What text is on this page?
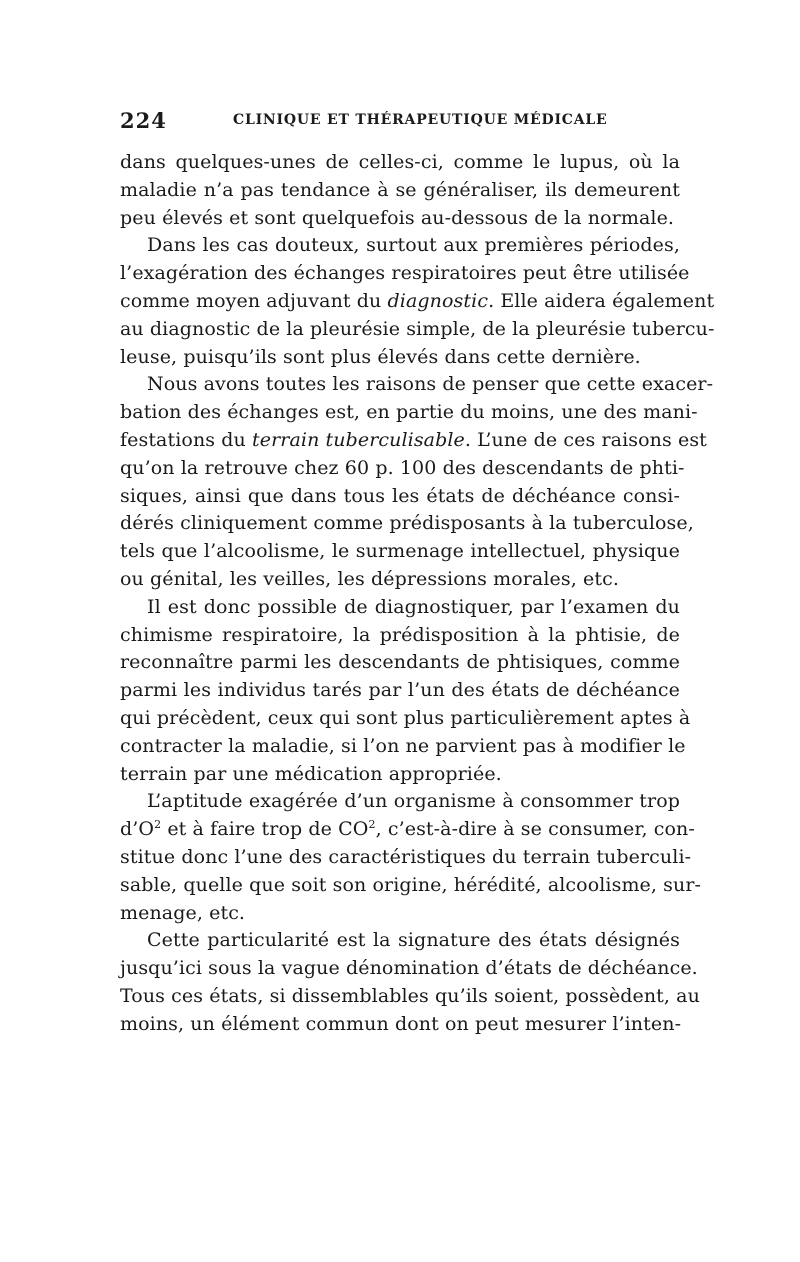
224	CLINIQUE ET THÉRAPEUTIQUE MÉDICALE
dans quelques-unes de celles-ci, comme le lupus, où la
maladie n’a pas tendance à se généraliser, ils demeurent
peu élevés et sont quelquefois au-dessous de la normale.
Dans les cas douteux, surtout aux premières périodes,
l’exagération des échanges respiratoires peut être utilisée
comme moyen adjuvant du diagnostic. Elle aidera également
au diagnostic de la pleurésie simple, de la pleurésie tubercu-
leuse, puisqu’ils sont plus élevés dans cette dernière.
Nous avons toutes les raisons de penser que cette exacer-
bation des échanges est, en partie du moins, une des mani-
festations du terrain tuberculisable. L’une de ces raisons est
qu’on la retrouve chez 60 p. 100 des descendants de phti-
siques, ainsi que dans tous les états de déchéance consi-
dérés cliniquement comme prédisposants à la tuberculose,
tels que l’alcoolisme, le surmenage intellectuel, physique
ou génital, les veilles, les dépressions morales, etc.
Il est donc possible de diagnostiquer, par l’examen du
chimisme respiratoire, la prédisposition à la phtisie, de
reconnaître parmi les descendants de phtisiques, comme
parmi les individus tarés par l’un des états de déchéance
qui précèdent, ceux qui sont plus particulièrement aptes à
contracter la maladie, si l’on ne parvient pas à modifier le
terrain par une médication appropriée.
L’aptitude exagérée d’un organisme à consommer trop
$d’O^2$ et à faire trop de $CO^2$, c’est-à-dire à se consumer, con-
stitue donc l’une des caractéristiques du terrain tuberculi-
sable, quelle que soit son origine, hérédité, alcoolisme, sur-
menage, etc.
Cette particularité est la signature des états désignés
jusqu’ici sous la vague dénomination d’états de déchéance.
Tous ces états, si dissemblables qu’ils soient, possèdent, au
moins, un élément commun dont on peut mesurer l’inten-
